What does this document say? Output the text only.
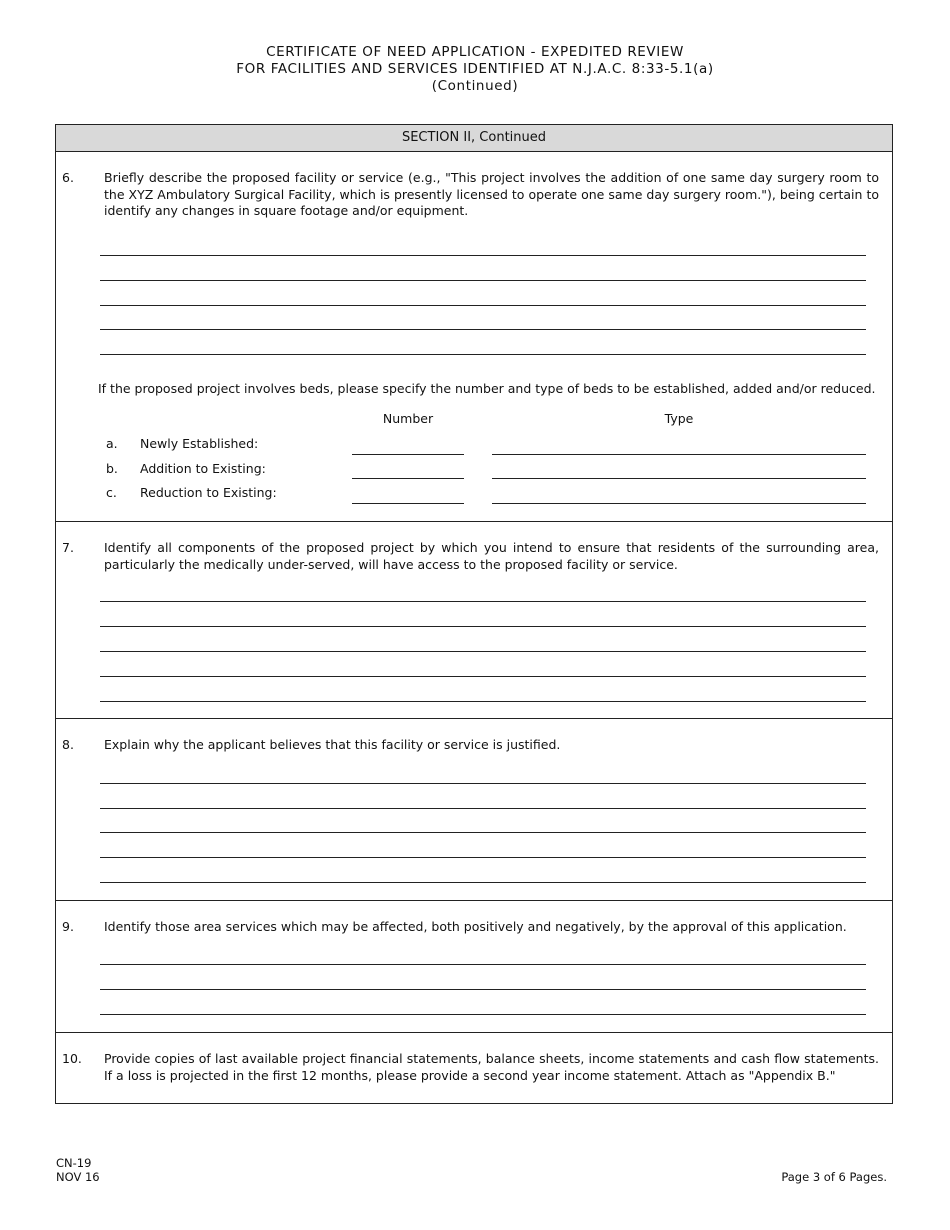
CERTIFICATE OF NEED APPLICATION - EXPEDITED REVIEW
FOR FACILITIES AND SERVICES IDENTIFIED AT N.J.A.C. 8:33-5.1(a)
(Continued)
SECTION II, Continued
6. Briefly describe the proposed facility or service (e.g., "This project involves the addition of one same day surgery room to the XYZ Ambulatory Surgical Facility, which is presently licensed to operate one same day surgery room."), being certain to identify any changes in square footage and/or equipment.
If the proposed project involves beds, please specify the number and type of beds to be established, added and/or reduced.
Number	Type
a. Newly Established:
b. Addition to Existing:
c. Reduction to Existing:
7. Identify all components of the proposed project by which you intend to ensure that residents of the surrounding area, particularly the medically under-served, will have access to the proposed facility or service.
8. Explain why the applicant believes that this facility or service is justified.
9. Identify those area services which may be affected, both positively and negatively, by the approval of this application.
10. Provide copies of last available project financial statements, balance sheets, income statements and cash flow statements. If a loss is projected in the first 12 months, please provide a second year income statement. Attach as "Appendix B."
CN-19
NOV 16	Page 3 of 6 Pages.
